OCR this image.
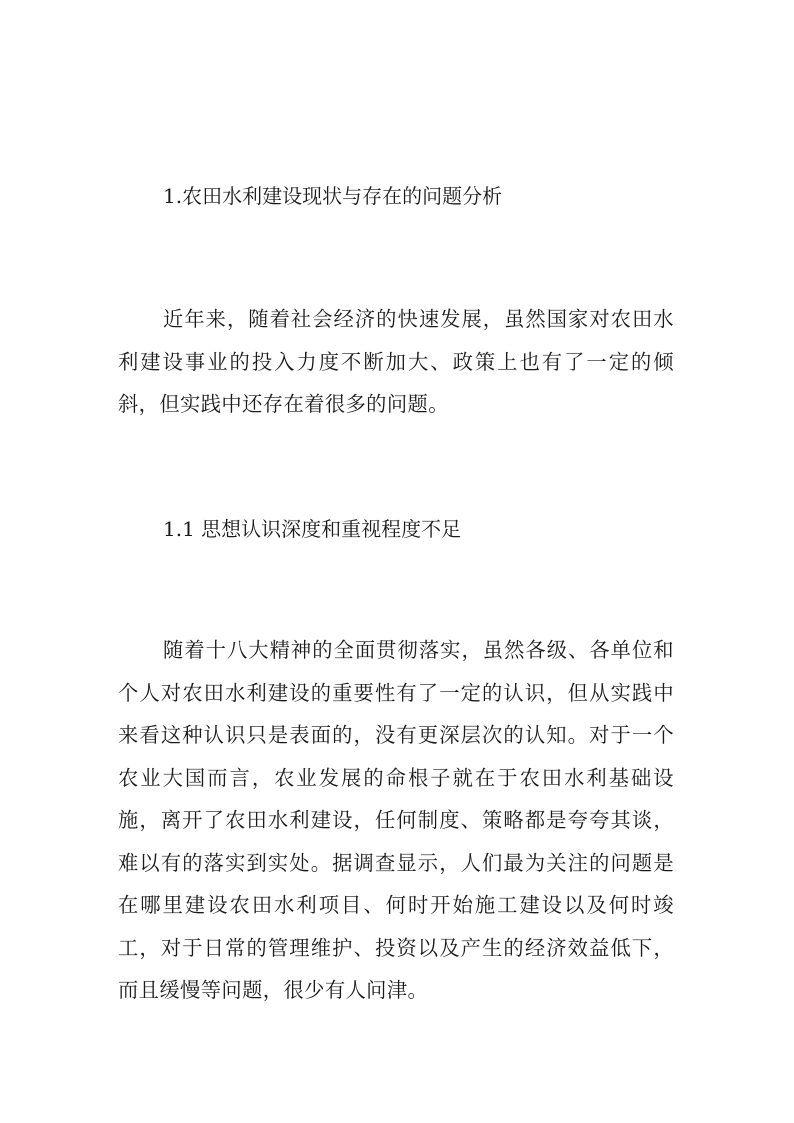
1.农田水利建设现状与存在的问题分析

近年来，随着社会经济的快速发展，虽然国家对农田水利建设事业的投入力度不断加大、政策上也有了一定的倾斜，但实践中还存在着很多的问题。

1.1 思想认识深度和重视程度不足

随着十八大精神的全面贯彻落实，虽然各级、各单位和个人对农田水利建设的重要性有了一定的认识，但从实践中来看这种认识只是表面的，没有更深层次的认知。对于一个农业大国而言，农业发展的命根子就在于农田水利基础设施，离开了农田水利建设，任何制度、策略都是夸夸其谈，难以有的落实到实处。据调查显示，人们最为关注的问题是在哪里建设农田水利项目、何时开始施工建设以及何时竣工，对于日常的管理维护、投资以及产生的经济效益低下，而且缓慢等问题，很少有人问津。
